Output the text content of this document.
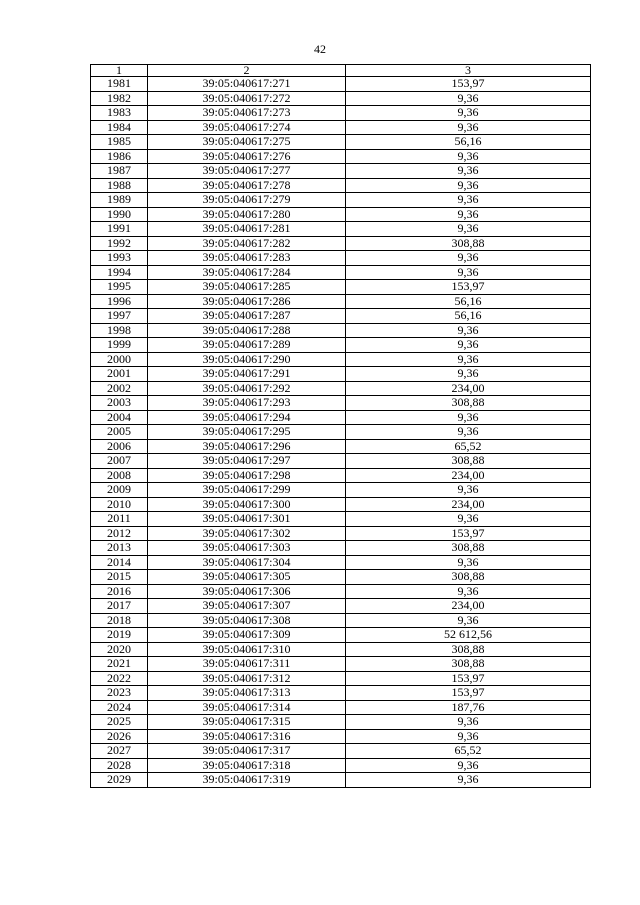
42
1	2	3
1981	39:05:040617:271	153,97
1982	39:05:040617:272	9,36
1983	39:05:040617:273	9,36
1984	39:05:040617:274	9,36
1985	39:05:040617:275	56,16
1986	39:05:040617:276	9,36
1987	39:05:040617:277	9,36
1988	39:05:040617:278	9,36
1989	39:05:040617:279	9,36
1990	39:05:040617:280	9,36
1991	39:05:040617:281	9,36
1992	39:05:040617:282	308,88
1993	39:05:040617:283	9,36
1994	39:05:040617:284	9,36
1995	39:05:040617:285	153,97
1996	39:05:040617:286	56,16
1997	39:05:040617:287	56,16
1998	39:05:040617:288	9,36
1999	39:05:040617:289	9,36
2000	39:05:040617:290	9,36
2001	39:05:040617:291	9,36
2002	39:05:040617:292	234,00
2003	39:05:040617:293	308,88
2004	39:05:040617:294	9,36
2005	39:05:040617:295	9,36
2006	39:05:040617:296	65,52
2007	39:05:040617:297	308,88
2008	39:05:040617:298	234,00
2009	39:05:040617:299	9,36
2010	39:05:040617:300	234,00
2011	39:05:040617:301	9,36
2012	39:05:040617:302	153,97
2013	39:05:040617:303	308,88
2014	39:05:040617:304	9,36
2015	39:05:040617:305	308,88
2016	39:05:040617:306	9,36
2017	39:05:040617:307	234,00
2018	39:05:040617:308	9,36
2019	39:05:040617:309	52 612,56
2020	39:05:040617:310	308,88
2021	39:05:040617:311	308,88
2022	39:05:040617:312	153,97
2023	39:05:040617:313	153,97
2024	39:05:040617:314	187,76
2025	39:05:040617:315	9,36
2026	39:05:040617:316	9,36
2027	39:05:040617:317	65,52
2028	39:05:040617:318	9,36
2029	39:05:040617:319	9,36
